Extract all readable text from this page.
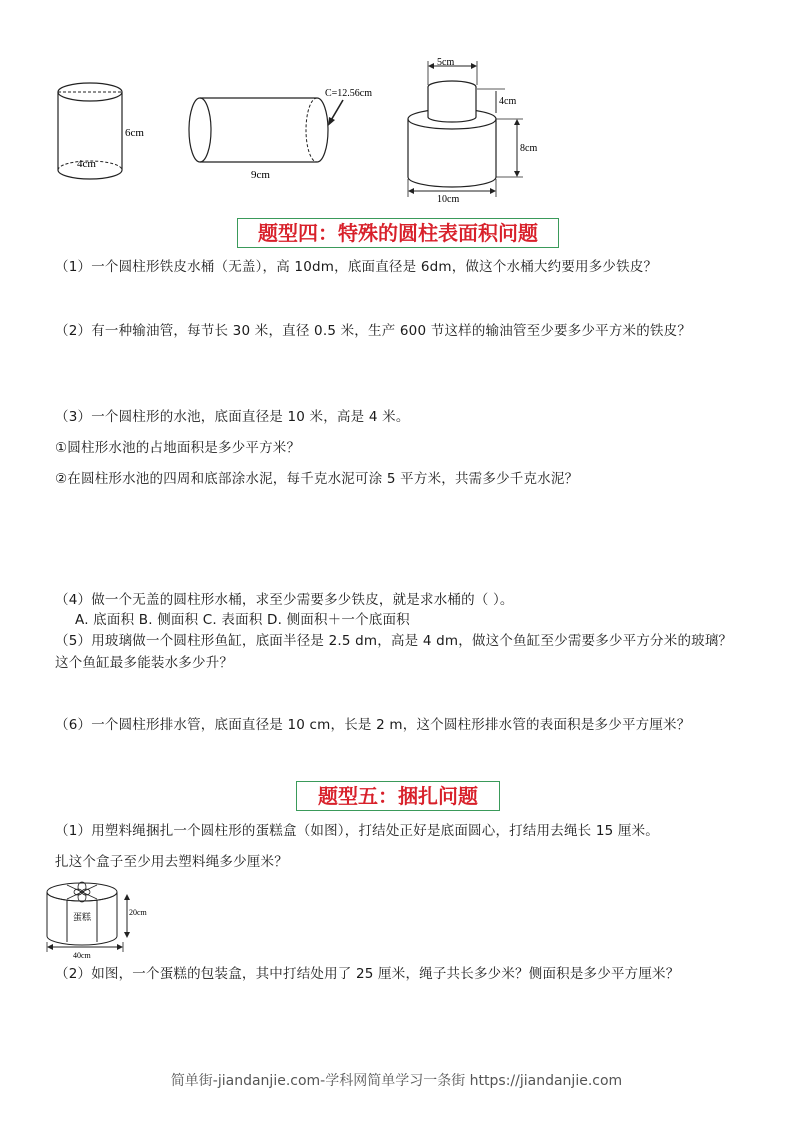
6cm
4cm
9cm
C=12.56cm
5cm
4cm
8cm
10cm
题型四：特殊的圆柱表面积问题
（1）一个圆柱形铁皮水桶（无盖），高 10dm，底面直径是 6dm，做这个水桶大约要用多少铁皮？
（2）有一种输油管，每节长 30 米，直径 0.5 米，生产 600 节这样的输油管至少要多少平方米的铁皮？
（3）一个圆柱形的水池，底面直径是 10 米，高是 4 米。
①圆柱形水池的占地面积是多少平方米？
②在圆柱形水池的四周和底部涂水泥，每千克水泥可涂 5 平方米，共需多少千克水泥？
（4）做一个无盖的圆柱形水桶，求至少需要多少铁皮，就是求水桶的（ ）。
A. 底面积 B. 侧面积 C. 表面积 D. 侧面积＋一个底面积
（5）用玻璃做一个圆柱形鱼缸，底面半径是 2.5 dm，高是 4 dm，做这个鱼缸至少需要多少平方分米的玻璃？这个鱼缸最多能装水多少升？
（6）一个圆柱形排水管，底面直径是 10 cm，长是 2 m，这个圆柱形排水管的表面积是多少平方厘米？
题型五：捆扎问题
（1）用塑料绳捆扎一个圆柱形的蛋糕盒（如图），打结处正好是底面圆心，打结用去绳长 15 厘米。
扎这个盒子至少用去塑料绳多少厘米？
蛋糕	20cm
40cm
（2）如图，一个蛋糕的包装盒，其中打结处用了 25 厘米，绳子共长多少米？侧面积是多少平方厘米？
简单街-jiandanjie.com-学科网简单学习一条街 https://jiandanjie.com
